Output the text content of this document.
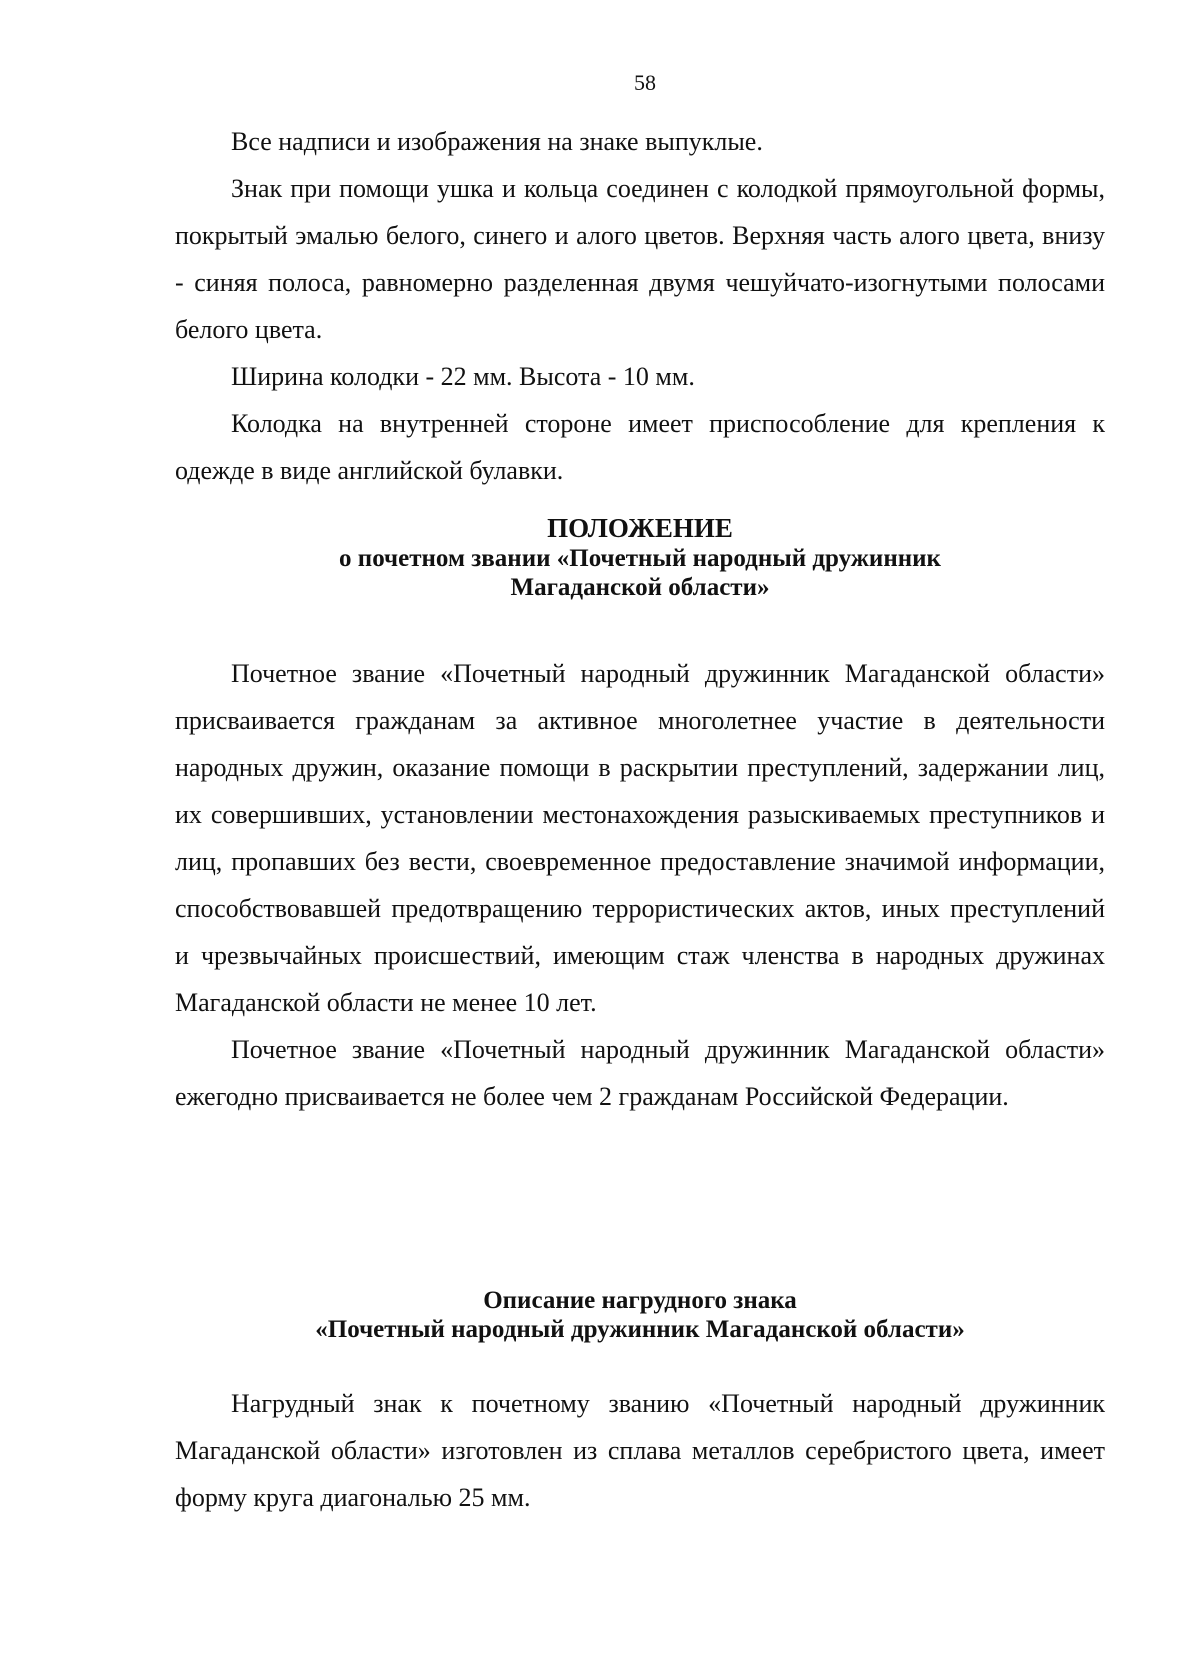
58

Все надписи и изображения на знаке выпуклые.

Знак при помощи ушка и кольца соединен с колодкой прямоугольной формы, покрытый эмалью белого, синего и алого цветов. Верхняя часть алого цвета, внизу - синяя полоса, равномерно разделенная двумя чешуйчато-изогнутыми полосами белого цвета.

Ширина колодки - 22 мм. Высота - 10 мм.

Колодка на внутренней стороне имеет приспособление для крепления к одежде в виде английской булавки.

ПОЛОЖЕНИЕ
о почетном звании «Почетный народный дружинник
Магаданской области»

Почетное звание «Почетный народный дружинник Магаданской области» присваивается гражданам за активное многолетнее участие в деятельности народных дружин, оказание помощи в раскрытии преступлений, задержании лиц, их совершивших, установлении местонахождения разыскиваемых преступников и лиц, пропавших без вести, своевременное предоставление значимой информации, способствовавшей предотвращению террористических актов, иных преступлений и чрезвычайных происшествий, имеющим стаж членства в народных дружинах Магаданской области не менее 10 лет.

Почетное звание «Почетный народный дружинник Магаданской области» ежегодно присваивается не более чем 2 гражданам Российской Федерации.

Описание нагрудного знака
«Почетный народный дружинник Магаданской области»

Нагрудный знак к почетному званию «Почетный народный дружинник Магаданской области» изготовлен из сплава металлов серебристого цвета, имеет форму круга диагональю 25 мм.
